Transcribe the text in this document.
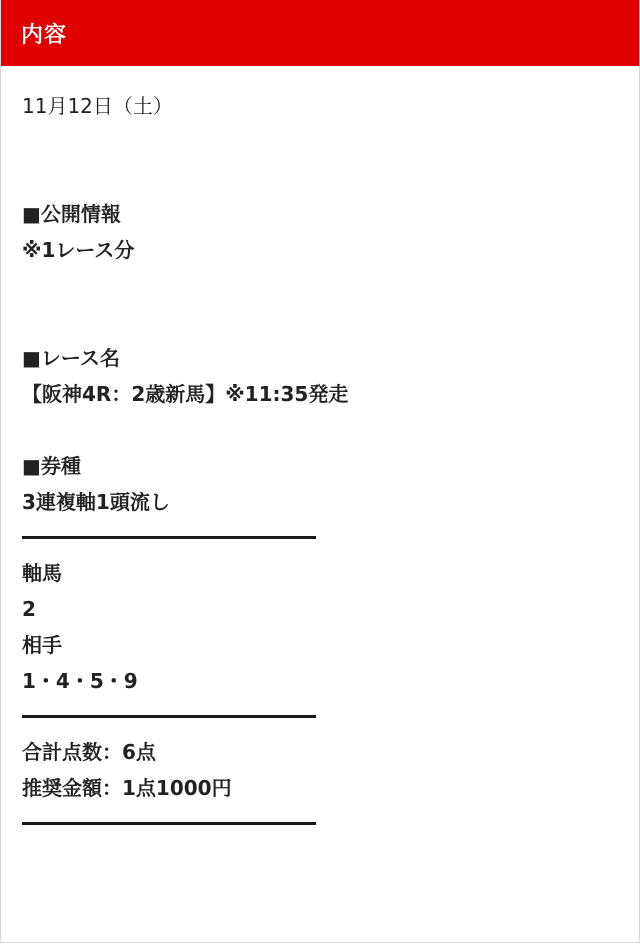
内容
11月12日（土）
■公開情報
※1レース分
■レース名
【阪神4R：2歳新馬】※11:35発走
■券種
3連複軸1頭流し
軸馬
2
相手
1・4・5・9
合計点数：6点
推奨金額：1点1000円
